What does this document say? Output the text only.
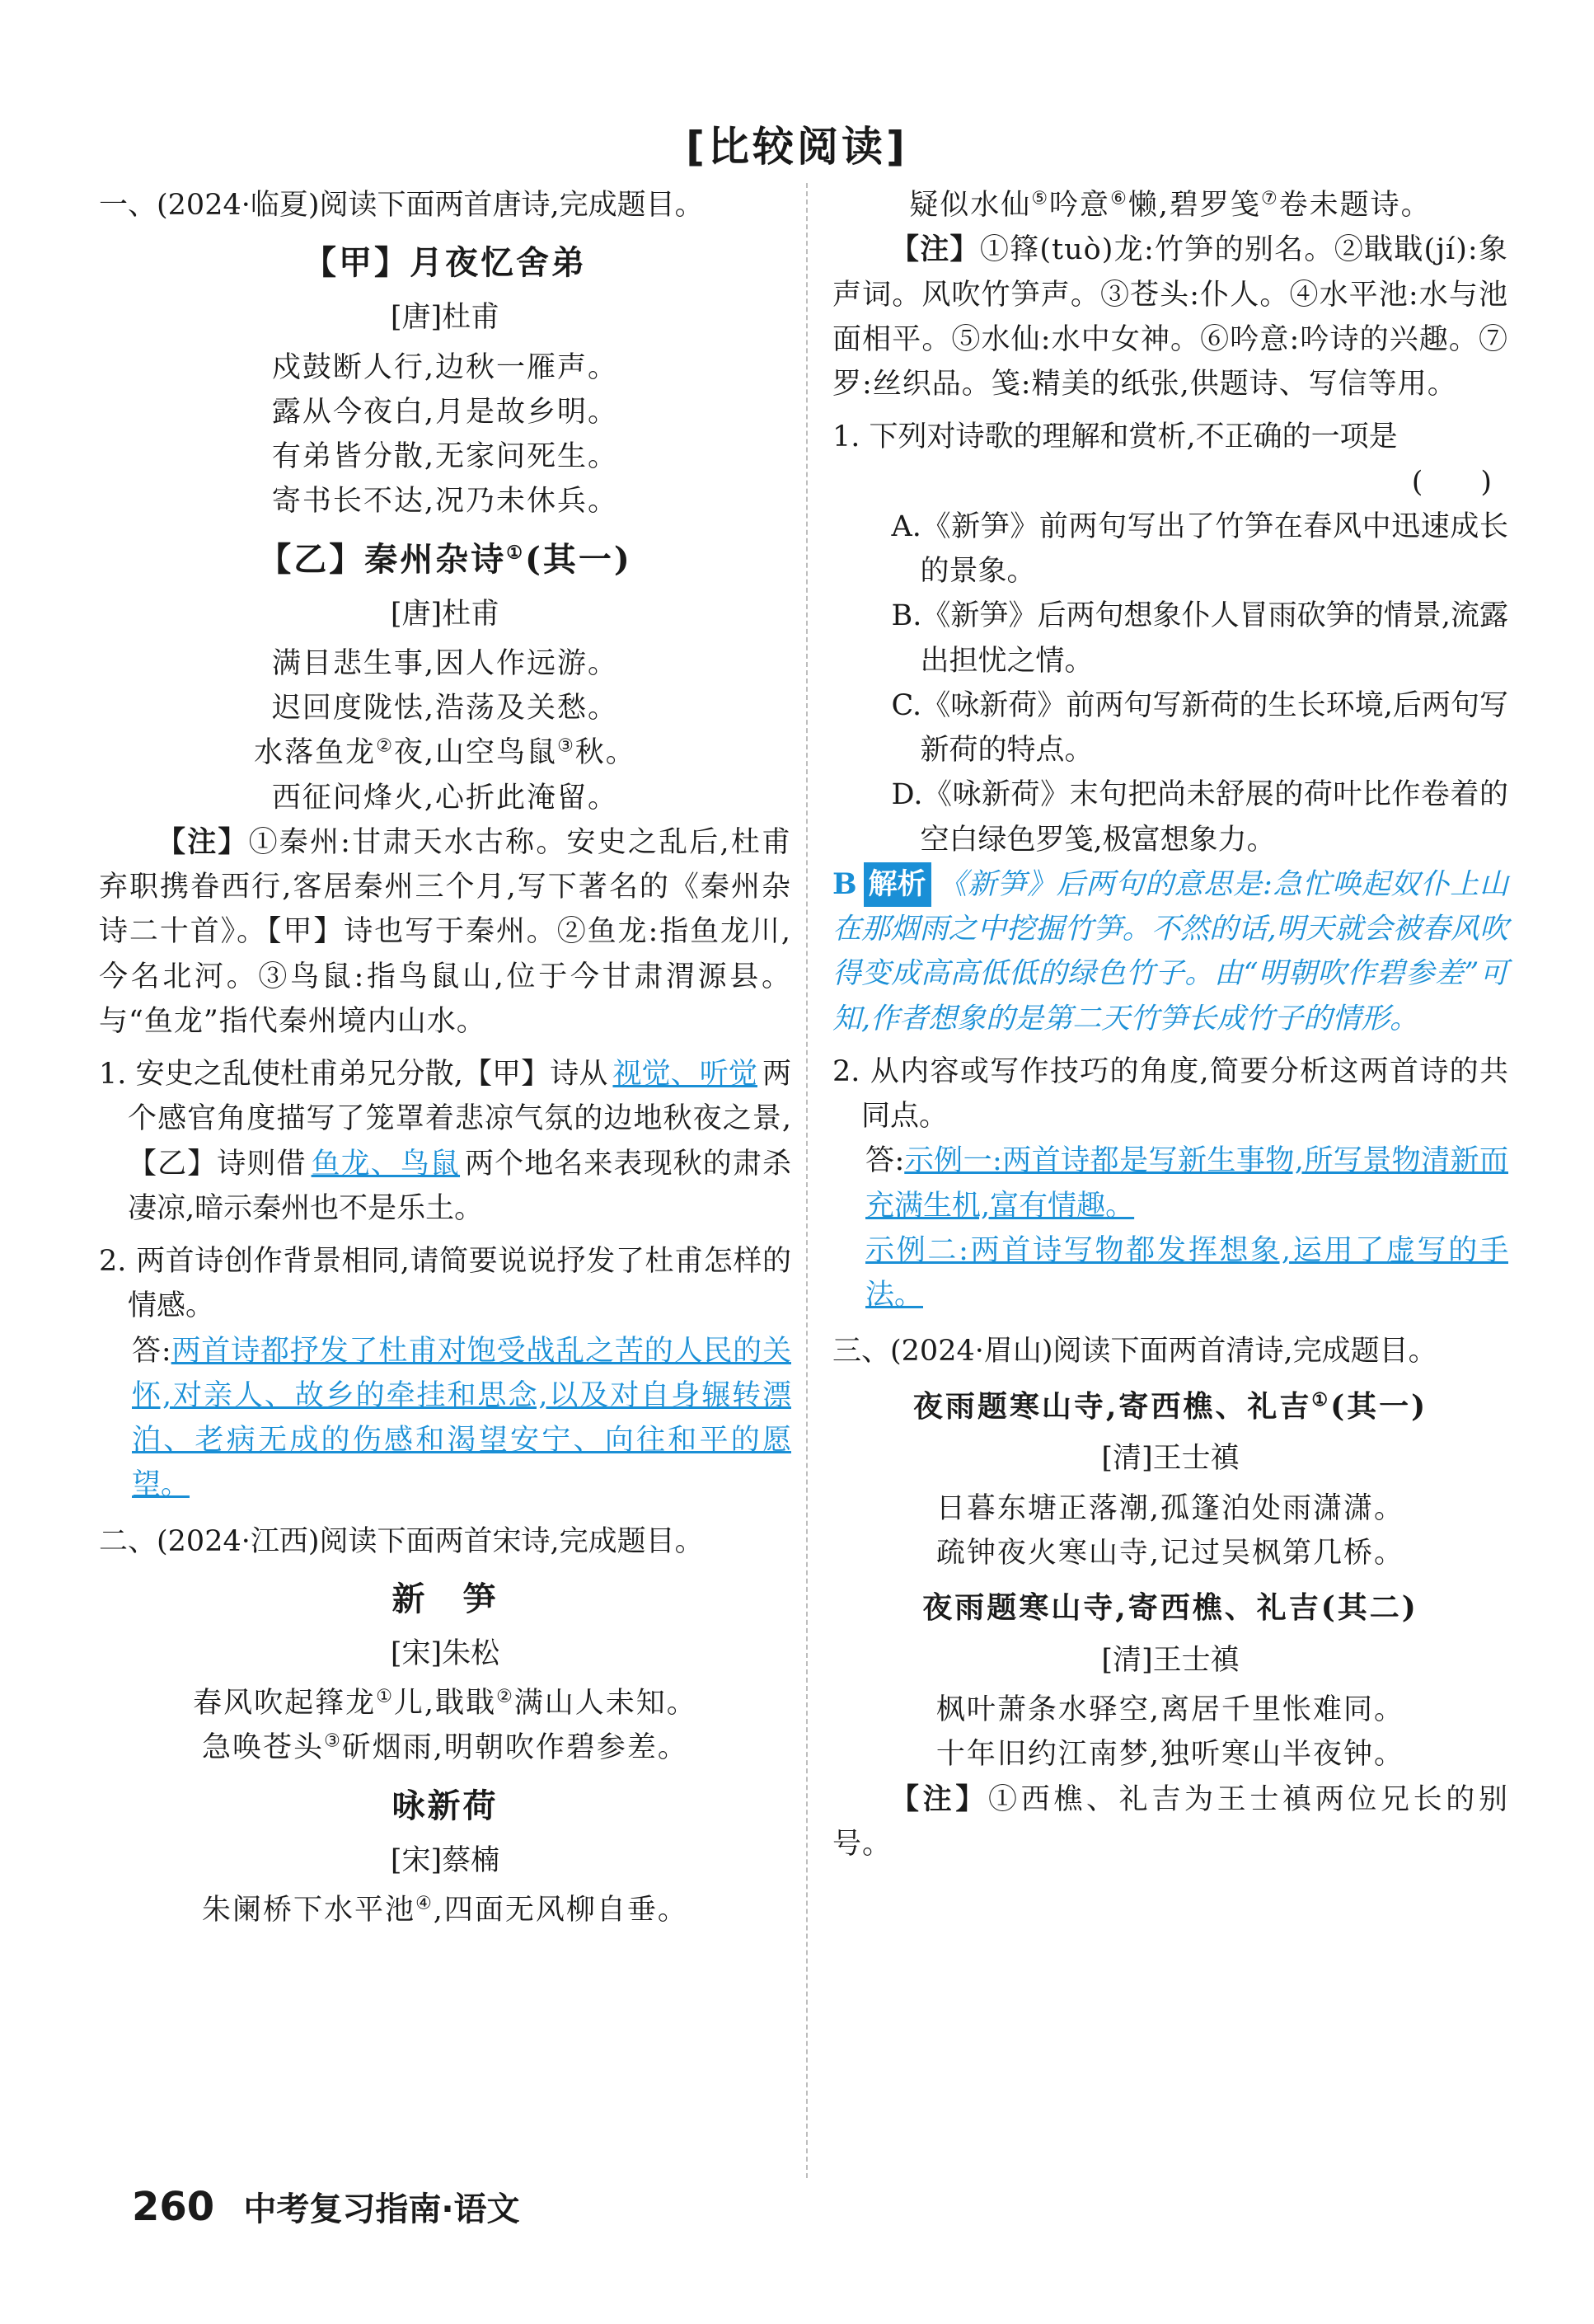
[比较阅读]

一、(2024·临夏)阅读下面两首唐诗,完成题目。

【甲】月夜忆舍弟

[唐]杜甫

戍鼓断人行,边秋一雁声。

露从今夜白,月是故乡明。

有弟皆分散,无家问死生。

寄书长不达,况乃未休兵。

【乙】秦州杂诗①(其一)

[唐]杜甫

满目悲生事,因人作远游。

迟回度陇怯,浩荡及关愁。

水落鱼龙②夜,山空鸟鼠③秋。

西征问烽火,心折此淹留。

【注】①秦州:甘肃天水古称。安史之乱后,杜甫弃职携眷西行,客居秦州三个月,写下著名的《秦州杂诗二十首》。【甲】诗也写于秦州。②鱼龙:指鱼龙川,今名北河。③鸟鼠:指鸟鼠山,位于今甘肃渭源县。与“鱼龙”指代秦州境内山水。

1. 安史之乱使杜甫弟兄分散,【甲】诗从 视觉、听觉 两个感官角度描写了笼罩着悲凉气氛的边地秋夜之景,【乙】诗则借 鱼龙、鸟鼠 两个地名来表现秋的肃杀凄凉,暗示秦州也不是乐土。

2. 两首诗创作背景相同,请简要说说抒发了杜甫怎样的情感。

答:两首诗都抒发了杜甫对饱受战乱之苦的人民的关怀,对亲人、故乡的牵挂和思念,以及对自身辗转漂泊、老病无成的伤感和渴望安宁、向往和平的愿望。

二、(2024·江西)阅读下面两首宋诗,完成题目。

新　笋

[宋]朱松

春风吹起箨龙①儿,戢戢②满山人未知。

急唤苍头③斫烟雨,明朝吹作碧参差。

咏新荷

[宋]蔡楠

朱阑桥下水平池④,四面无风柳自垂。

疑似水仙⑤吟意⑥懒,碧罗笺⑦卷未题诗。

【注】①箨(tuò)龙:竹笋的别名。②戢戢(jí):象声词。风吹竹笋声。③苍头:仆人。④水平池:水与池面相平。⑤水仙:水中女神。⑥吟意:吟诗的兴趣。⑦罗:丝织品。笺:精美的纸张,供题诗、写信等用。

1. 下列对诗歌的理解和赏析,不正确的一项是

(　　)

A.《新笋》前两句写出了竹笋在春风中迅速成长的景象。

B.《新笋》后两句想象仆人冒雨砍笋的情景,流露出担忧之情。

C.《咏新荷》前两句写新荷的生长环境,后两句写新荷的特点。

D.《咏新荷》末句把尚未舒展的荷叶比作卷着的空白绿色罗笺,极富想象力。

B 解析 《新笋》后两句的意思是:急忙唤起奴仆上山在那烟雨之中挖掘竹笋。不然的话,明天就会被春风吹得变成高高低低的绿色竹子。由“明朝吹作碧参差”可知,作者想象的是第二天竹笋长成竹子的情形。

2. 从内容或写作技巧的角度,简要分析这两首诗的共同点。

答:示例一:两首诗都是写新生事物,所写景物清新而充满生机,富有情趣。
示例二:两首诗写物都发挥想象,运用了虚写的手法。

三、(2024·眉山)阅读下面两首清诗,完成题目。

夜雨题寒山寺,寄西樵、礼吉①(其一)

[清]王士禛

日暮东塘正落潮,孤篷泊处雨潇潇。

疏钟夜火寒山寺,记过吴枫第几桥。

夜雨题寒山寺,寄西樵、礼吉(其二)

[清]王士禛

枫叶萧条水驿空,离居千里怅难同。

十年旧约江南梦,独听寒山半夜钟。

【注】①西樵、礼吉为王士禛两位兄长的别号。

260 中考复习指南·语文
